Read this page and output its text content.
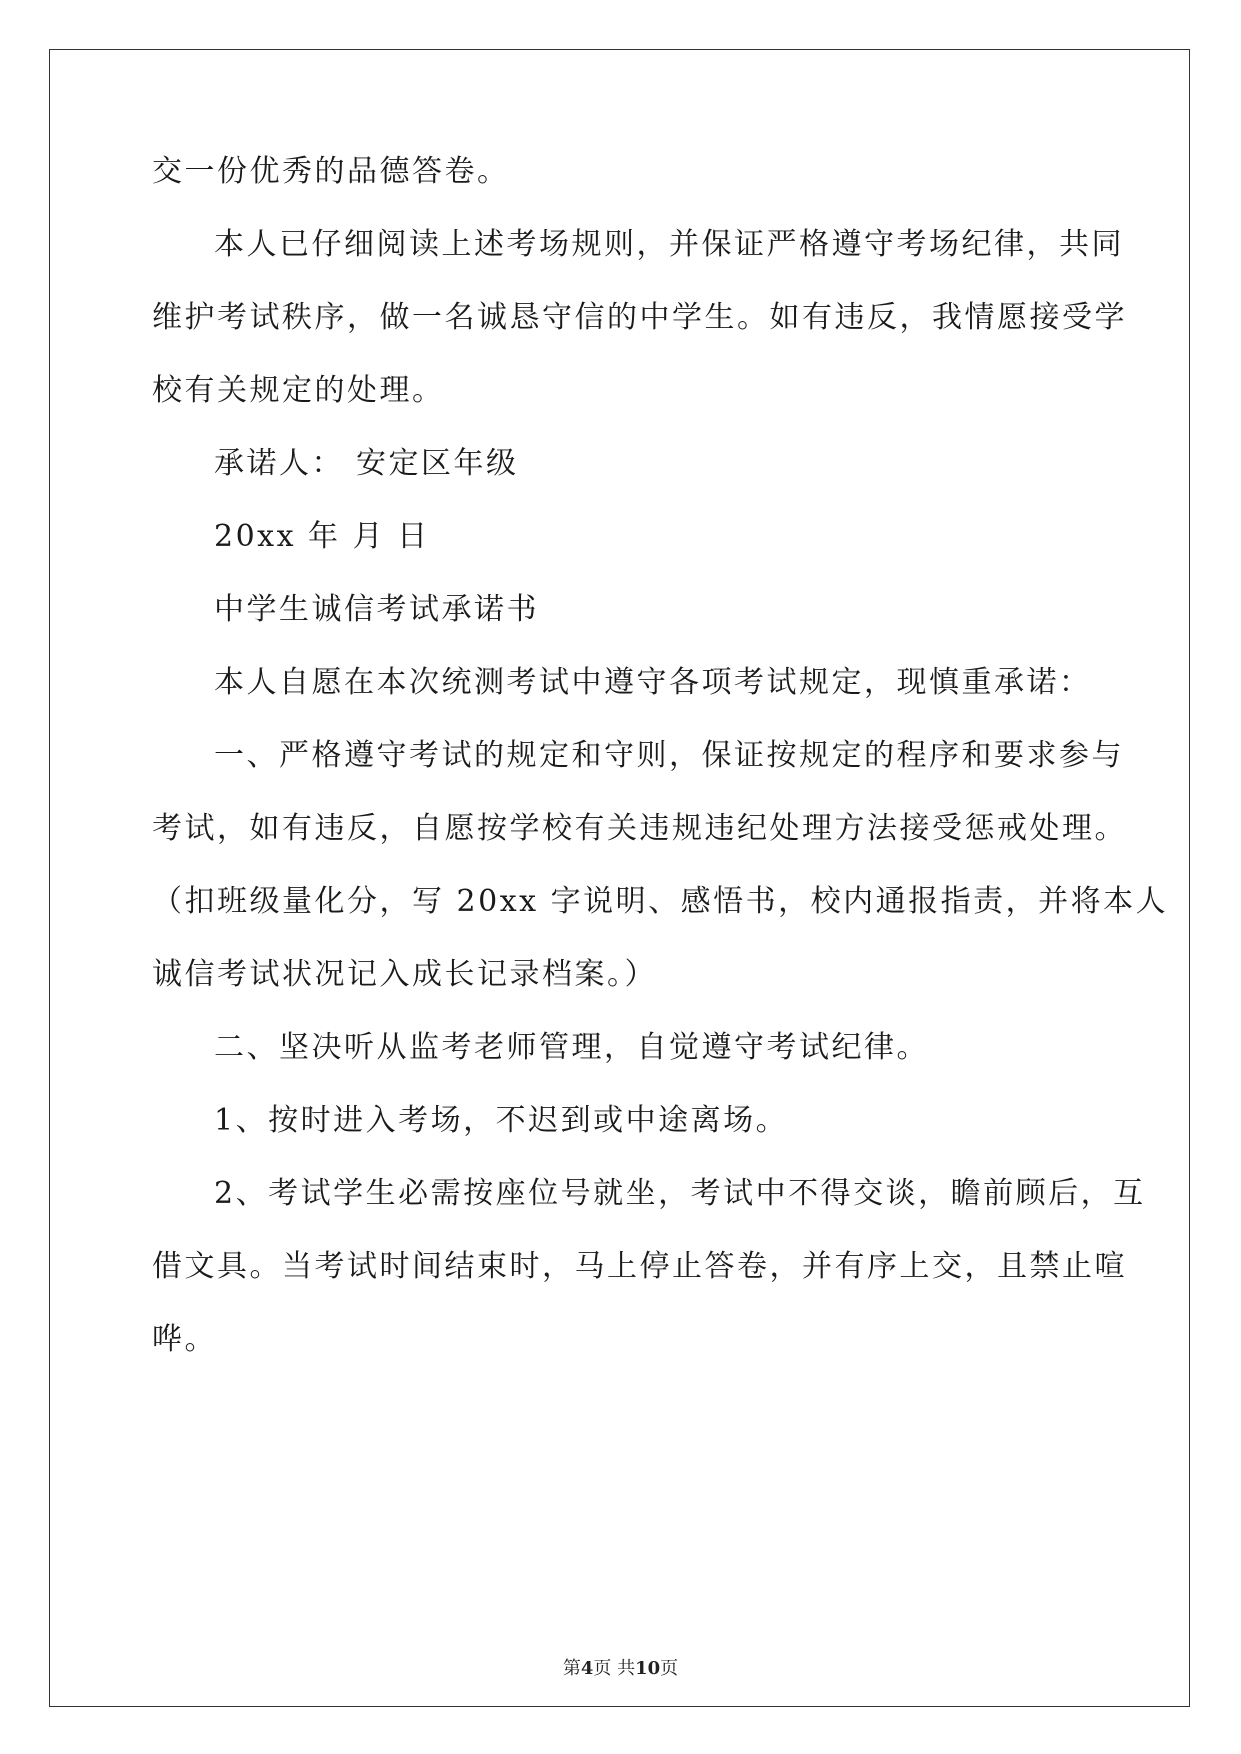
交一份优秀的品德答卷。
本人已仔细阅读上述考场规则，并保证严格遵守考场纪律，共同
维护考试秩序，做一名诚恳守信的中学生。如有违反，我情愿接受学
校有关规定的处理。
承诺人： 安定区年级
20xx 年 月 日
中学生诚信考试承诺书
本人自愿在本次统测考试中遵守各项考试规定，现慎重承诺：
一、严格遵守考试的规定和守则，保证按规定的程序和要求参与
考试，如有违反，自愿按学校有关违规违纪处理方法接受惩戒处理。
（扣班级量化分，写 20xx 字说明、感悟书，校内通报指责，并将本人
诚信考试状况记入成长记录档案。）
二、坚决听从监考老师管理，自觉遵守考试纪律。
1、按时进入考场，不迟到或中途离场。
2、考试学生必需按座位号就坐，考试中不得交谈，瞻前顾后，互
借文具。当考试时间结束时，马上停止答卷，并有序上交，且禁止喧
哗。
第4页 共10页
